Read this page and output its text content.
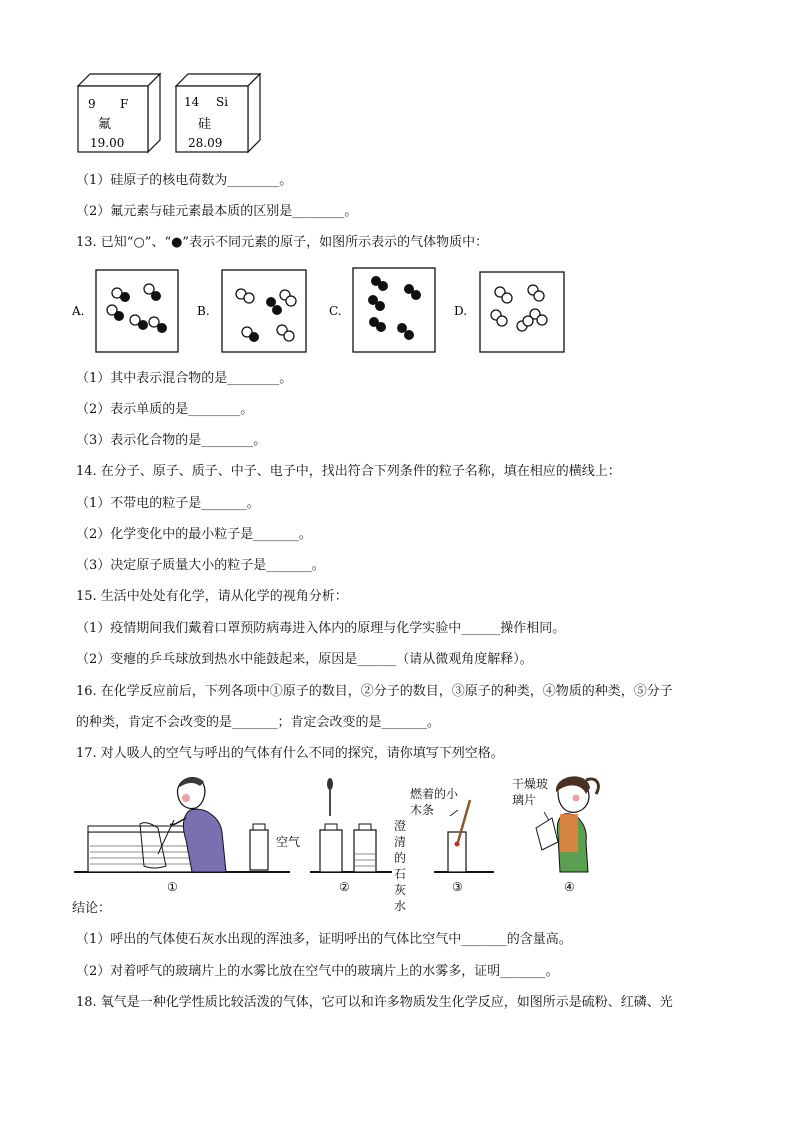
9 F
氟
19.00
14 Si
硅
28.09

（1）硅原子的核电荷数为________。

（2）氟元素与硅元素最本质的区别是________。

13. 已知“○”、“●”表示不同元素的原子，如图所示表示的气体物质中：

A.	B.	C.	D.

（1）其中表示混合物的是________。

（2）表示单质的是________。

（3）表示化合物的是________。

14. 在分子、原子、质子、中子、电子中，找出符合下列条件的粒子名称，填在相应的横线上：

（1）不带电的粒子是_______。

（2）化学变化中的最小粒子是_______。

（3）决定原子质量大小的粒子是_______。

15. 生活中处处有化学，请从化学的视角分析：

（1）疫情期间我们戴着口罩预防病毒进入体内的原理与化学实验中______操作相同。

（2）变瘪的乒乓球放到热水中能鼓起来，原因是______（请从微观角度解释）。

16. 在化学反应前后，下列各项中①原子的数目，②分子的数目，③原子的种类，④物质的种类，⑤分子

的种类，肯定不会改变的是_______；肯定会改变的是_______。

17. 对人吸人的空气与呼出的气体有什么不同的探究，请你填写下列空格。

空气
①
澄清的石灰水
②
燃着的小木条
③
干燥玻璃片
④

结论：

（1）呼出的气体使石灰水出现的浑浊多，证明呼出的气体比空气中_______的含量高。

（2）对着呼气的玻璃片上的水雾比放在空气中的玻璃片上的水雾多，证明_______。

18. 氧气是一种化学性质比较活泼的气体，它可以和许多物质发生化学反应，如图所示是硫粉、红磷、光
